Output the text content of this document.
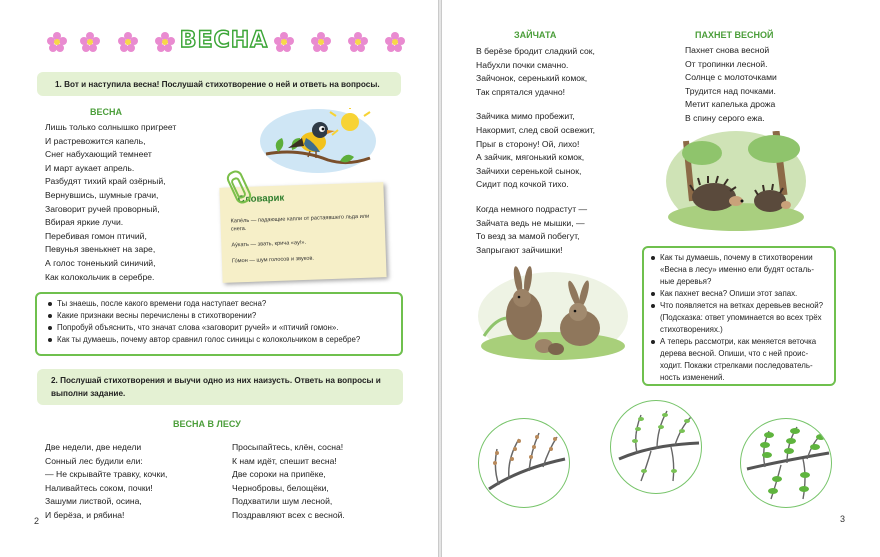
ВЕСНА
1. Вот и наступила весна! Послушай стихотворение о ней и ответь на вопросы.
ВЕСНА
Лишь только солнышко пригреет
И растревожится капель,
Снег набухающий темнеет
И март аукает апрель.
Разбудят тихий край озёрный,
Вернувшись, шумные грачи,
Заговорит ручей проворный,
Вбирая яркие лучи.
Перебивая гомон птичий,
Певунья звенькнет на заре,
А голос тоненький синичий,
Как колокольчик в серебре.
Словарик
Капе́ль — падающие капли от растаявшего льда или снега.
Ау́кать — звать, крича «ау!».
Го́мон — шум голосов и звуков.
Ты знаешь, после какого времени года наступает весна?
Какие признаки весны перечислены в стихотворении?
Попробуй объяснить, что значат слова «заговорит ручей» и «птичий гомон».
Как ты думаешь, почему автор сравнил голос синицы с колокольчиком в серебре?
2. Послушай стихотворения и выучи одно из них наизусть. Ответь на вопросы и выполни задание.
ВЕСНА В ЛЕСУ
Две недели, две недели
Сонный лес будили ели:
— Не скрывайте травку, кочки,
Наливайтесь соком, почки!
Зашуми листвой, осина,
И берёза, и рябина!
Просыпайтесь, клён, сосна!
К нам идёт, спешит весна!
Две сороки на припёке,
Чернобровы, белощёки,
Подхватили шум лесной,
Поздравляют всех с весной.
2
ЗАЙЧАТА
В берёзе бродит сладкий сок,
Набухли почки смачно.
Зайчонок, серенький комок,
Так спрятался удачно!
Зайчика мимо пробежит,
Накормит, след свой освежит,
Прыг в сторону! Ой, лихо!
А зайчик, мягонький комок,
Зайчихи серенькой сынок,
Сидит под кочкой тихо.
Когда немного подрастут —
Зайчата ведь не мышки, —
То везд за мамой побегут,
Запрыгают зайчишки!
ПАХНЕТ ВЕСНОЙ
Пахнет снова весной
От тропинки лесной.
Солнце с молоточками
Трудится над почками.
Метит капелька дрожа
В спину серого ежа.
Как ты думаешь, почему в стихотворении
«Весна в лесу» именно ели будят осталь-
ные деревья?
Как пахнет весна? Опиши этот запах.
Что появляется на ветках деревьев весной?
(Подсказка: ответ упоминается во всех трёх
стихотворениях.)
А теперь рассмотри, как меняется веточка
дерева весной. Опиши, что с ней проис-
ходит. Покажи стрелками последователь-
ность изменений.
3
